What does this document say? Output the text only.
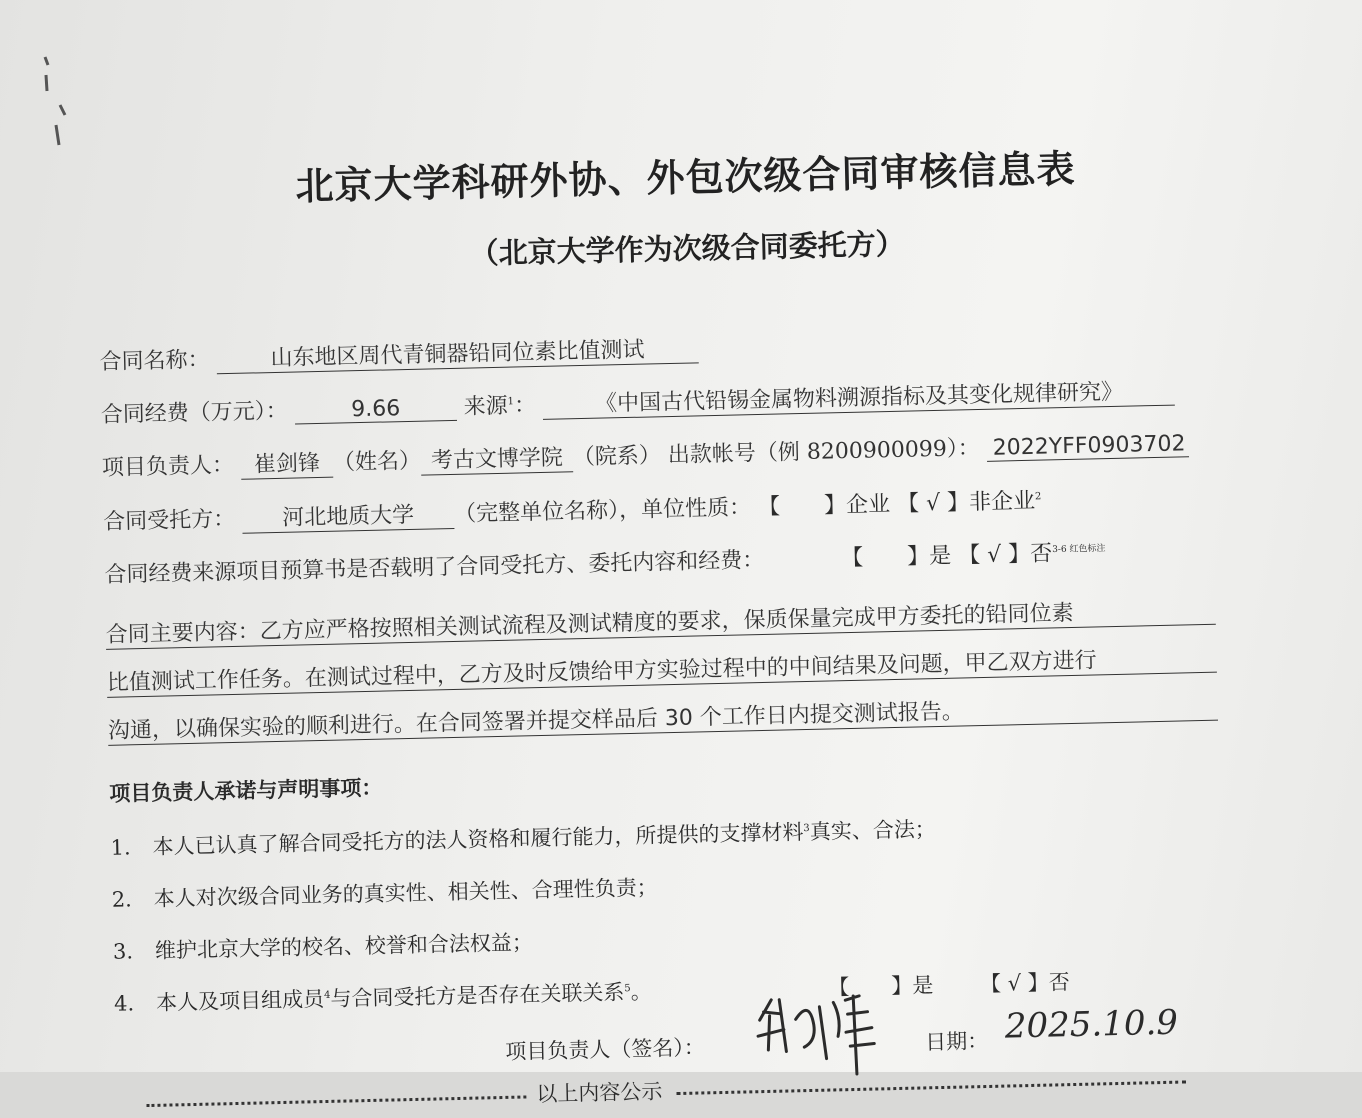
北京大学科研外协、外包次级合同审核信息表
（北京大学作为次级合同委托方）
合同名称：	山东地区周代青铜器铅同位素比值测试
合同经费（万元）：	9.66	来源$^1$：	《中国古代铅锡金属物料溯源指标及其变化规律研究》
项目负责人： 崔剑锋 （姓名） 考古文博学院 （院系） 出款帐号（例 8200900099）： 2022YFF0903702
合同受托方： 河北地质大学 （完整单位名称），单位性质： 【　　】企业 【 √ 】非企业$^2$
合同经费来源项目预算书是否载明了合同受托方、委托内容和经费：	【　　】是 【 √ 】否$^{3-6 红色标注}$
合同主要内容：乙方应严格按照相关测试流程及测试精度的要求，保质保量完成甲方委托的铅同位素
比值测试工作任务。在测试过程中，乙方及时反馈给甲方实验过程中的中间结果及问题，甲乙双方进行
沟通，以确保实验的顺利进行。在合同签署并提交样品后 30 个工作日内提交测试报告。
项目负责人承诺与声明事项：
1. 本人已认真了解合同受托方的法人资格和履行能力，所提供的支撑材料$^3$真实、合法；
2. 本人对次级合同业务的真实性、相关性、合理性负责；
3. 维护北京大学的校名、校誉和合法权益；
4. 本人及项目组成员$^4$与合同受托方是否存在关联关系$^5$。	【　　】是 【 √ 】否
项目负责人（签名）：	日期： 2025.10.9
以上内容公示
